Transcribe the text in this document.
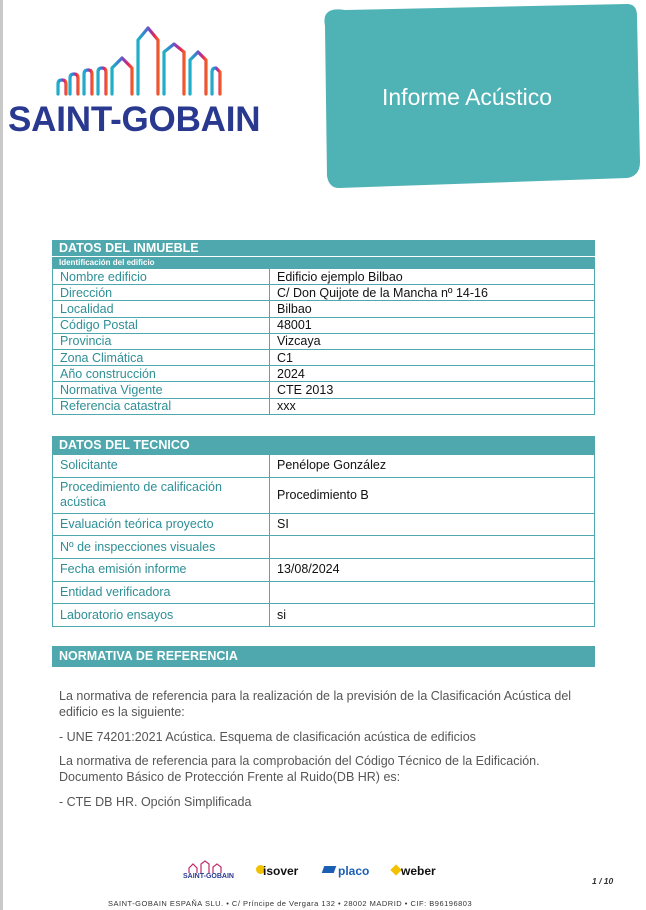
SAINT-GOBAIN
Informe Acústico
DATOS DEL INMUEBLE
Identificación del edificio
Nombre edificio	Edificio ejemplo Bilbao
Dirección	C/ Don Quijote de la Mancha nº 14-16
Localidad	Bilbao
Código Postal	48001
Provincia	Vizcaya
Zona Climática	C1
Año construcción	2024
Normativa Vigente	CTE 2013
Referencia catastral	xxx
DATOS DEL TECNICO
Solicitante	Penélope González
Procedimiento de calificación acústica	Procedimiento B
Evaluación teórica proyecto	SI
Nº de inspecciones visuales	
Fecha emisión informe	13/08/2024
Entidad verificadora	
Laboratorio ensayos	si
NORMATIVA DE REFERENCIA
La normativa de referencia para la realización de la previsión de la Clasificación Acústica del edificio es la siguiente:
- UNE 74201:2021 Acústica. Esquema de clasificación acústica de edificios
La normativa de referencia para la comprobación del Código Técnico de la Edificación. Documento Básico de Protección Frente al Ruido(DB HR) es:
- CTE DB HR. Opción Simplificada
SAINT-GOBAIN isover	placo	weber
1 / 10
SAINT-GOBAIN ESPAÑA SLU. • C/ Príncipe de Vergara 132 • 28002 MADRID • CIF: B96196803
